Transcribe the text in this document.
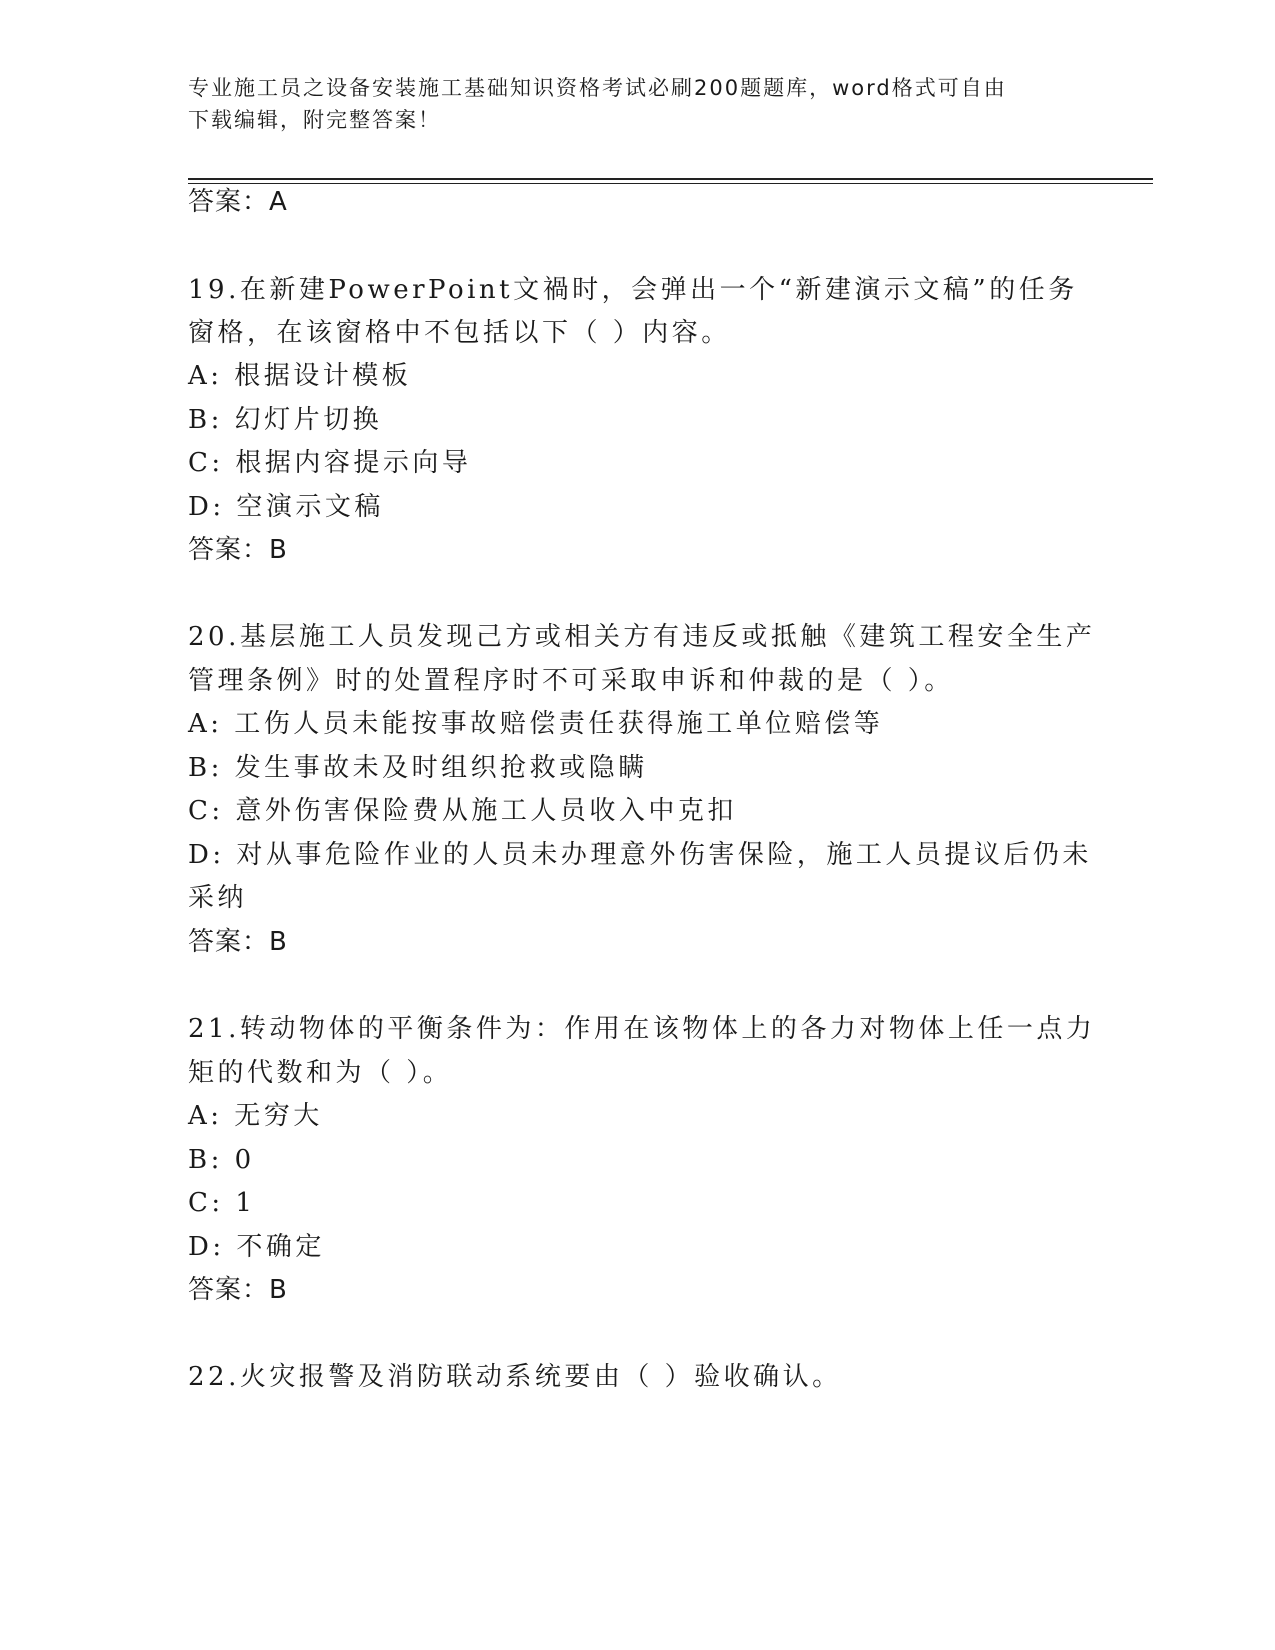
专业施工员之设备安装施工基础知识资格考试必刷200题题库，word格式可自由
下载编辑，附完整答案！
答案：A
19.在新建PowerPoint文禍时，会弹出一个“新建演示文稿”的任务
窗格，在该窗格中不包括以下（ ）内容。
A: 根据设计模板
B: 幻灯片切换
C: 根据内容提示向导
D: 空演示文稿
答案：B
20.基层施工人员发现己方或相关方有违反或抵触《建筑工程安全生产
管理条例》时的处置程序时不可采取申诉和仲裁的是（ ）。
A: 工伤人员未能按事故赔偿责任获得施工单位赔偿等
B: 发生事故未及时组织抢救或隐瞒
C: 意外伤害保险费从施工人员收入中克扣
D: 对从事危险作业的人员未办理意外伤害保险，施工人员提议后仍未
采纳
答案：B
21.转动物体的平衡条件为：作用在该物体上的各力对物体上任一点力
矩的代数和为（ ）。
A: 无穷大
B: 0
C: 1
D: 不确定
答案：B
22.火灾报警及消防联动系统要由（ ）验收确认。
